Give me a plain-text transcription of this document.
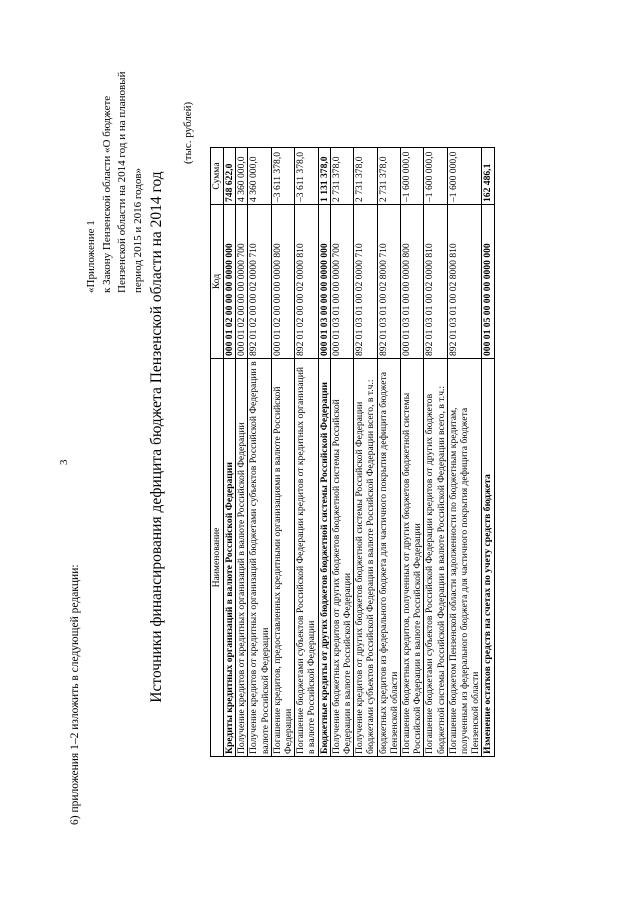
3
6) приложения 1–2 изложить в следующей редакции:
«Приложение 1 к Закону Пензенской области «О бюджете Пензенской области на 2014 год и на плановый период 2015 и 2016 годов» Источники финансирования дефицита бюджета Пензенской области на 2014 год
(тыс. рублей)
Наименование	Код	Сумма
Кредиты кредитных организаций в валюте Российской Федерации	000 01 02 00 00 00 0000 000	748 622,0
Получение кредитов от кредитных организаций в валюте Российской Федерации	000 01 02 00 00 00 0000 700	4 360 000,0
Получение кредитов от кредитных организаций бюджетами субъектов Российской Федерации в валюте Российской Федерации	892 01 02 00 00 02 0000 710	4 360 000,0
Погашение кредитов, предоставленных кредитными организациями в валюте Российской Федерации	000 01 02 00 00 00 0000 800	–3 611 378,0
Погашение бюджетами субъектов Российской Федерации кредитов от кредитных организаций в валюте Российской Федерации	892 01 02 00 00 02 0000 810	–3 611 378,0
Бюджетные кредиты от других бюджетов бюджетной системы Российской Федерации	000 01 03 00 00 00 0000 000	1 131 378,0
Получение бюджетных кредитов от других бюджетов бюджетной системы Российской Федерации в валюте Российской Федерации	000 01 03 01 00 00 0000 700	2 731 378,0
Получение кредитов от других бюджетов бюджетной системы Российской Федерации бюджетами субъектов Российской Федерации в валюте Российской Федерации всего, в т.ч.:	892 01 03 01 00 02 0000 710	2 731 378,0
бюджетных кредитов из федерального бюджета для частичного покрытия дефицита бюджета Пензенской области	892 01 03 01 00 02 8000 710	2 731 378,0
Погашение бюджетных кредитов, полученных от других бюджетов бюджетной системы Российской Федерации в валюте Российской Федерации	000 01 03 01 00 00 0000 800	–1 600 000,0
Погашение бюджетами субъектов Российской Федерации кредитов от других бюджетов бюджетной системы Российской Федерации в валюте Российской Федерации всего, в т.ч.:	892 01 03 01 00 02 0000 810	–1 600 000,0
Погашение бюджетом Пензенской области задолженности по бюджетным кредитам, полученным из федерального бюджета для частичного покрытия дефицита бюджета Пензенской области	892 01 03 01 00 02 8000 810	–1 600 000,0
Изменение остатков средств на счетах по учету средств бюджета	000 01 05 00 00 00 0000 000	162 486,1
